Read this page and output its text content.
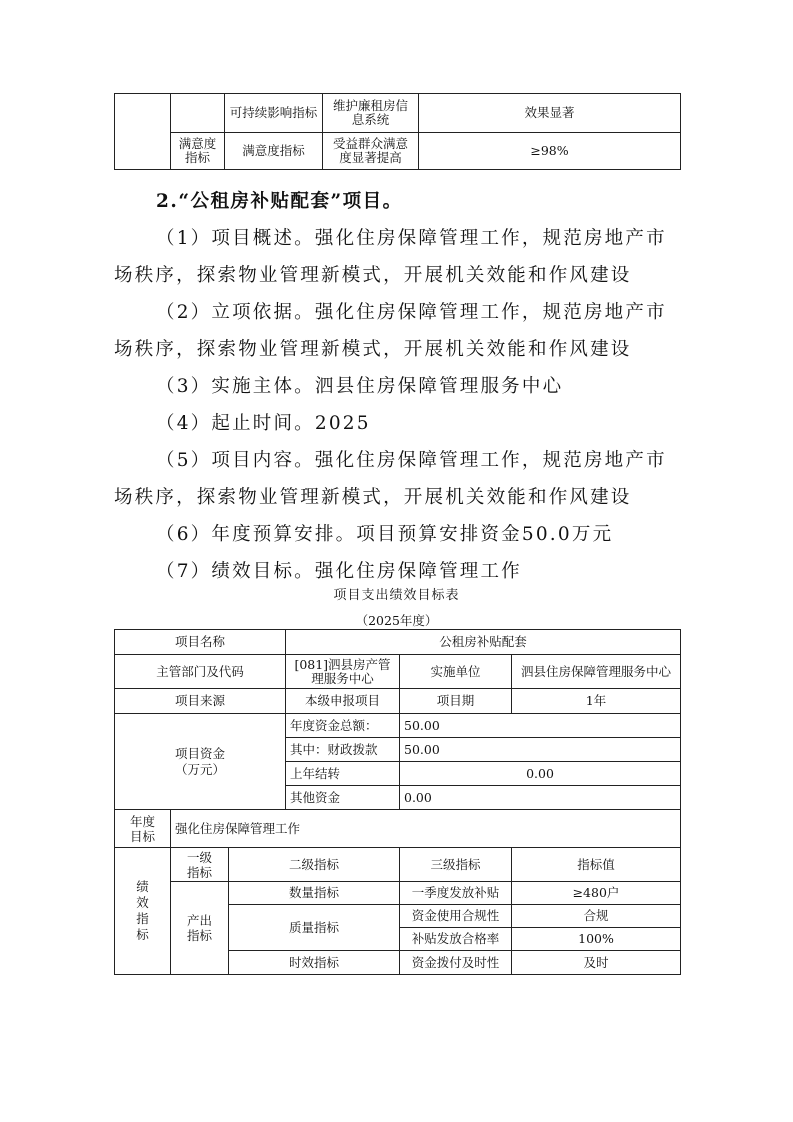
		可持续影响指标	维护廉租房信息系统	效果显著
	满意度指标	满意度指标	受益群众满意度显著提高	≥98%
2.“公租房补贴配套”项目。
（1）项目概述。强化住房保障管理工作，规范房地产市
场秩序，探索物业管理新模式，开展机关效能和作风建设
（2）立项依据。强化住房保障管理工作，规范房地产市
场秩序，探索物业管理新模式，开展机关效能和作风建设
（3）实施主体。泗县住房保障管理服务中心
（4）起止时间。2025
（5）项目内容。强化住房保障管理工作，规范房地产市
场秩序，探索物业管理新模式，开展机关效能和作风建设
（6）年度预算安排。项目预算安排资金50.0万元
（7）绩效目标。强化住房保障管理工作
项目支出绩效目标表
（2025年度）
项目名称			公租房补贴配套		
主管部门及代码			[081]泗县房产管理服务中心	实施单位	泗县住房保障管理服务中心
项目来源			本级申报项目	项目期	1年
项目资金（万元）			年度资金总额：	50.00	
			其中：财政拨款	50.00	
			上年结转	0.00	
			其他资金	0.00	
年度目标	强化住房保障管理工作				
绩效指标	一级指标	二级指标		三级指标	指标值
	产出指标	数量指标		一季度发放补贴	≥480户
		质量指标		资金使用合规性	合规
				补贴发放合格率	100%
		时效指标		资金拨付及时性	及时
